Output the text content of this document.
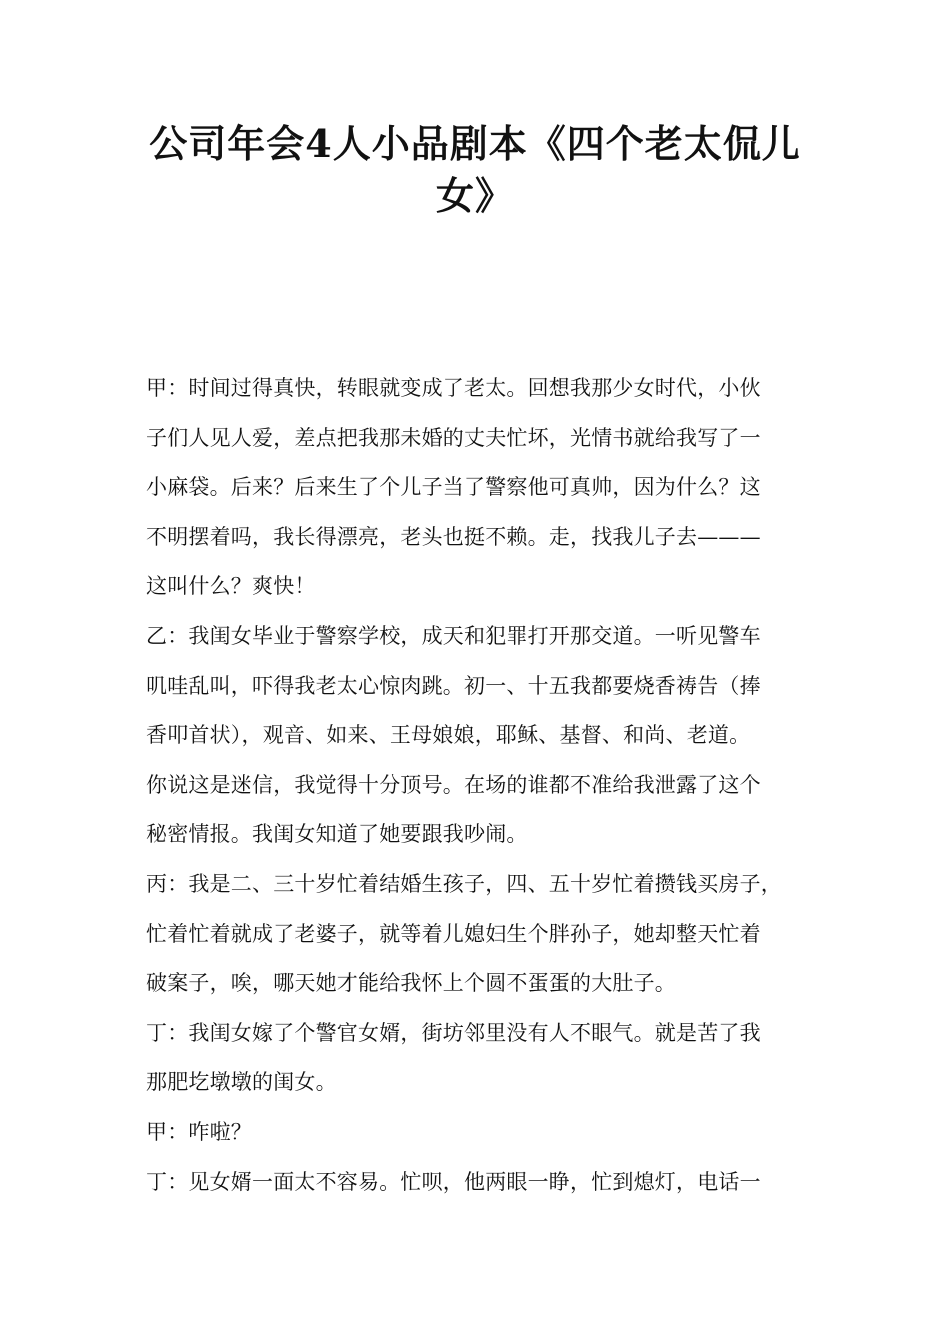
公司年会4人小品剧本《四个老太侃儿
女》

甲：时间过得真快，转眼就变成了老太。回想我那少女时代，小伙
子们人见人爱，差点把我那未婚的丈夫忙坏，光情书就给我写了一
小麻袋。后来？后来生了个儿子当了警察他可真帅，因为什么？这
不明摆着吗，我长得漂亮，老头也挺不赖。走，找我儿子去———
这叫什么？爽快！

乙：我闺女毕业于警察学校，成天和犯罪打开那交道。一听见警车
叽哇乱叫，吓得我老太心惊肉跳。初一、十五我都要烧香祷告（捧
香叩首状），观音、如来、王母娘娘，耶稣、基督、和尚、老道。
你说这是迷信，我觉得十分顶号。在场的谁都不准给我泄露了这个
秘密情报。我闺女知道了她要跟我吵闹。

丙：我是二、三十岁忙着结婚生孩子，四、五十岁忙着攒钱买房子，
忙着忙着就成了老婆子，就等着儿媳妇生个胖孙子，她却整天忙着
破案子，唉，哪天她才能给我怀上个圆不蛋蛋的大肚子。

丁：我闺女嫁了个警官女婿，街坊邻里没有人不眼气。就是苦了我
那肥圪墩墩的闺女。

甲：咋啦？

丁：见女婿一面太不容易。忙呗，他两眼一睁，忙到熄灯，电话一
